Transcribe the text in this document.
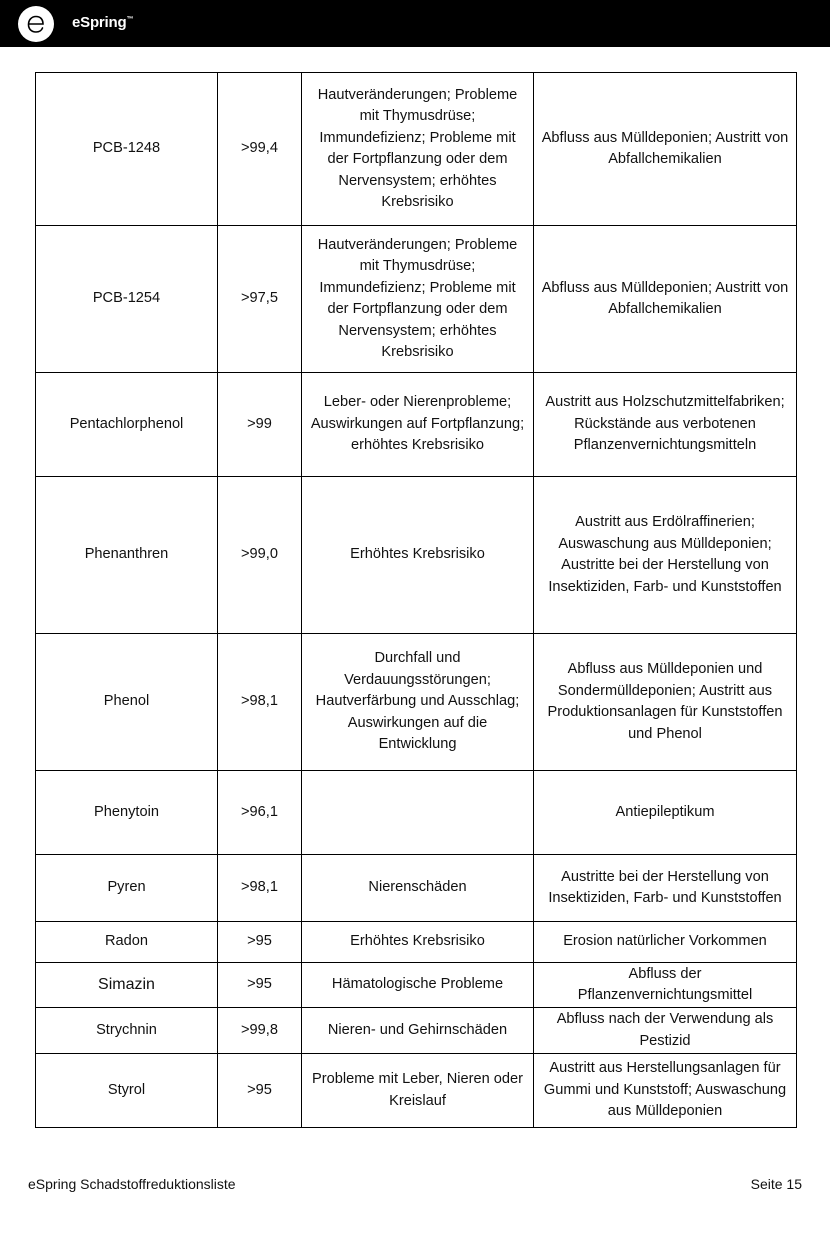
eSpring™
PCB-1248	>99,4	Hautveränderungen; Probleme mit Thymusdrüse; Immundefizienz; Probleme mit der Fortpflanzung oder dem Nervensystem; erhöhtes Krebsrisiko	Abfluss aus Mülldeponien; Austritt von Abfallchemikalien
PCB-1254	>97,5	Hautveränderungen; Probleme mit Thymusdrüse; Immundefizienz; Probleme mit der Fortpflanzung oder dem Nervensystem; erhöhtes Krebsrisiko	Abfluss aus Mülldeponien; Austritt von Abfallchemikalien
Pentachlorphenol	>99	Leber- oder Nierenprobleme; Auswirkungen auf Fortpflanzung; erhöhtes Krebsrisiko	Austritt aus Holzschutzmittelfabriken; Rückstände aus verbotenen Pflanzenvernichtungsmitteln
Phenanthren	>99,0	Erhöhtes Krebsrisiko	Austritt aus Erdölraffinerien; Auswaschung aus Mülldeponien; Austritte bei der Herstellung von Insektiziden, Farb- und Kunststoffen
Phenol	>98,1	Durchfall und Verdauungsstörungen; Hautverfärbung und Ausschlag; Auswirkungen auf die Entwicklung	Abfluss aus Mülldeponien und Sondermülldeponien; Austritt aus Produktionsanlagen für Kunststoffen und Phenol
Phenytoin	>96,1		Antiepileptikum
Pyren	>98,1	Nierenschäden	Austritte bei der Herstellung von Insektiziden, Farb- und Kunststoffen
Radon	>95	Erhöhtes Krebsrisiko	Erosion natürlicher Vorkommen
Simazin	>95	Hämatologische Probleme	Abfluss der Pflanzenvernichtungsmittel
Strychnin	>99,8	Nieren- und Gehirnschäden	Abfluss nach der Verwendung als Pestizid
Styrol	>95	Probleme mit Leber, Nieren oder Kreislauf	Austritt aus Herstellungsanlagen für Gummi und Kunststoff; Auswaschung aus Mülldeponien
eSpring Schadstoffreduktionsliste	Seite 15
